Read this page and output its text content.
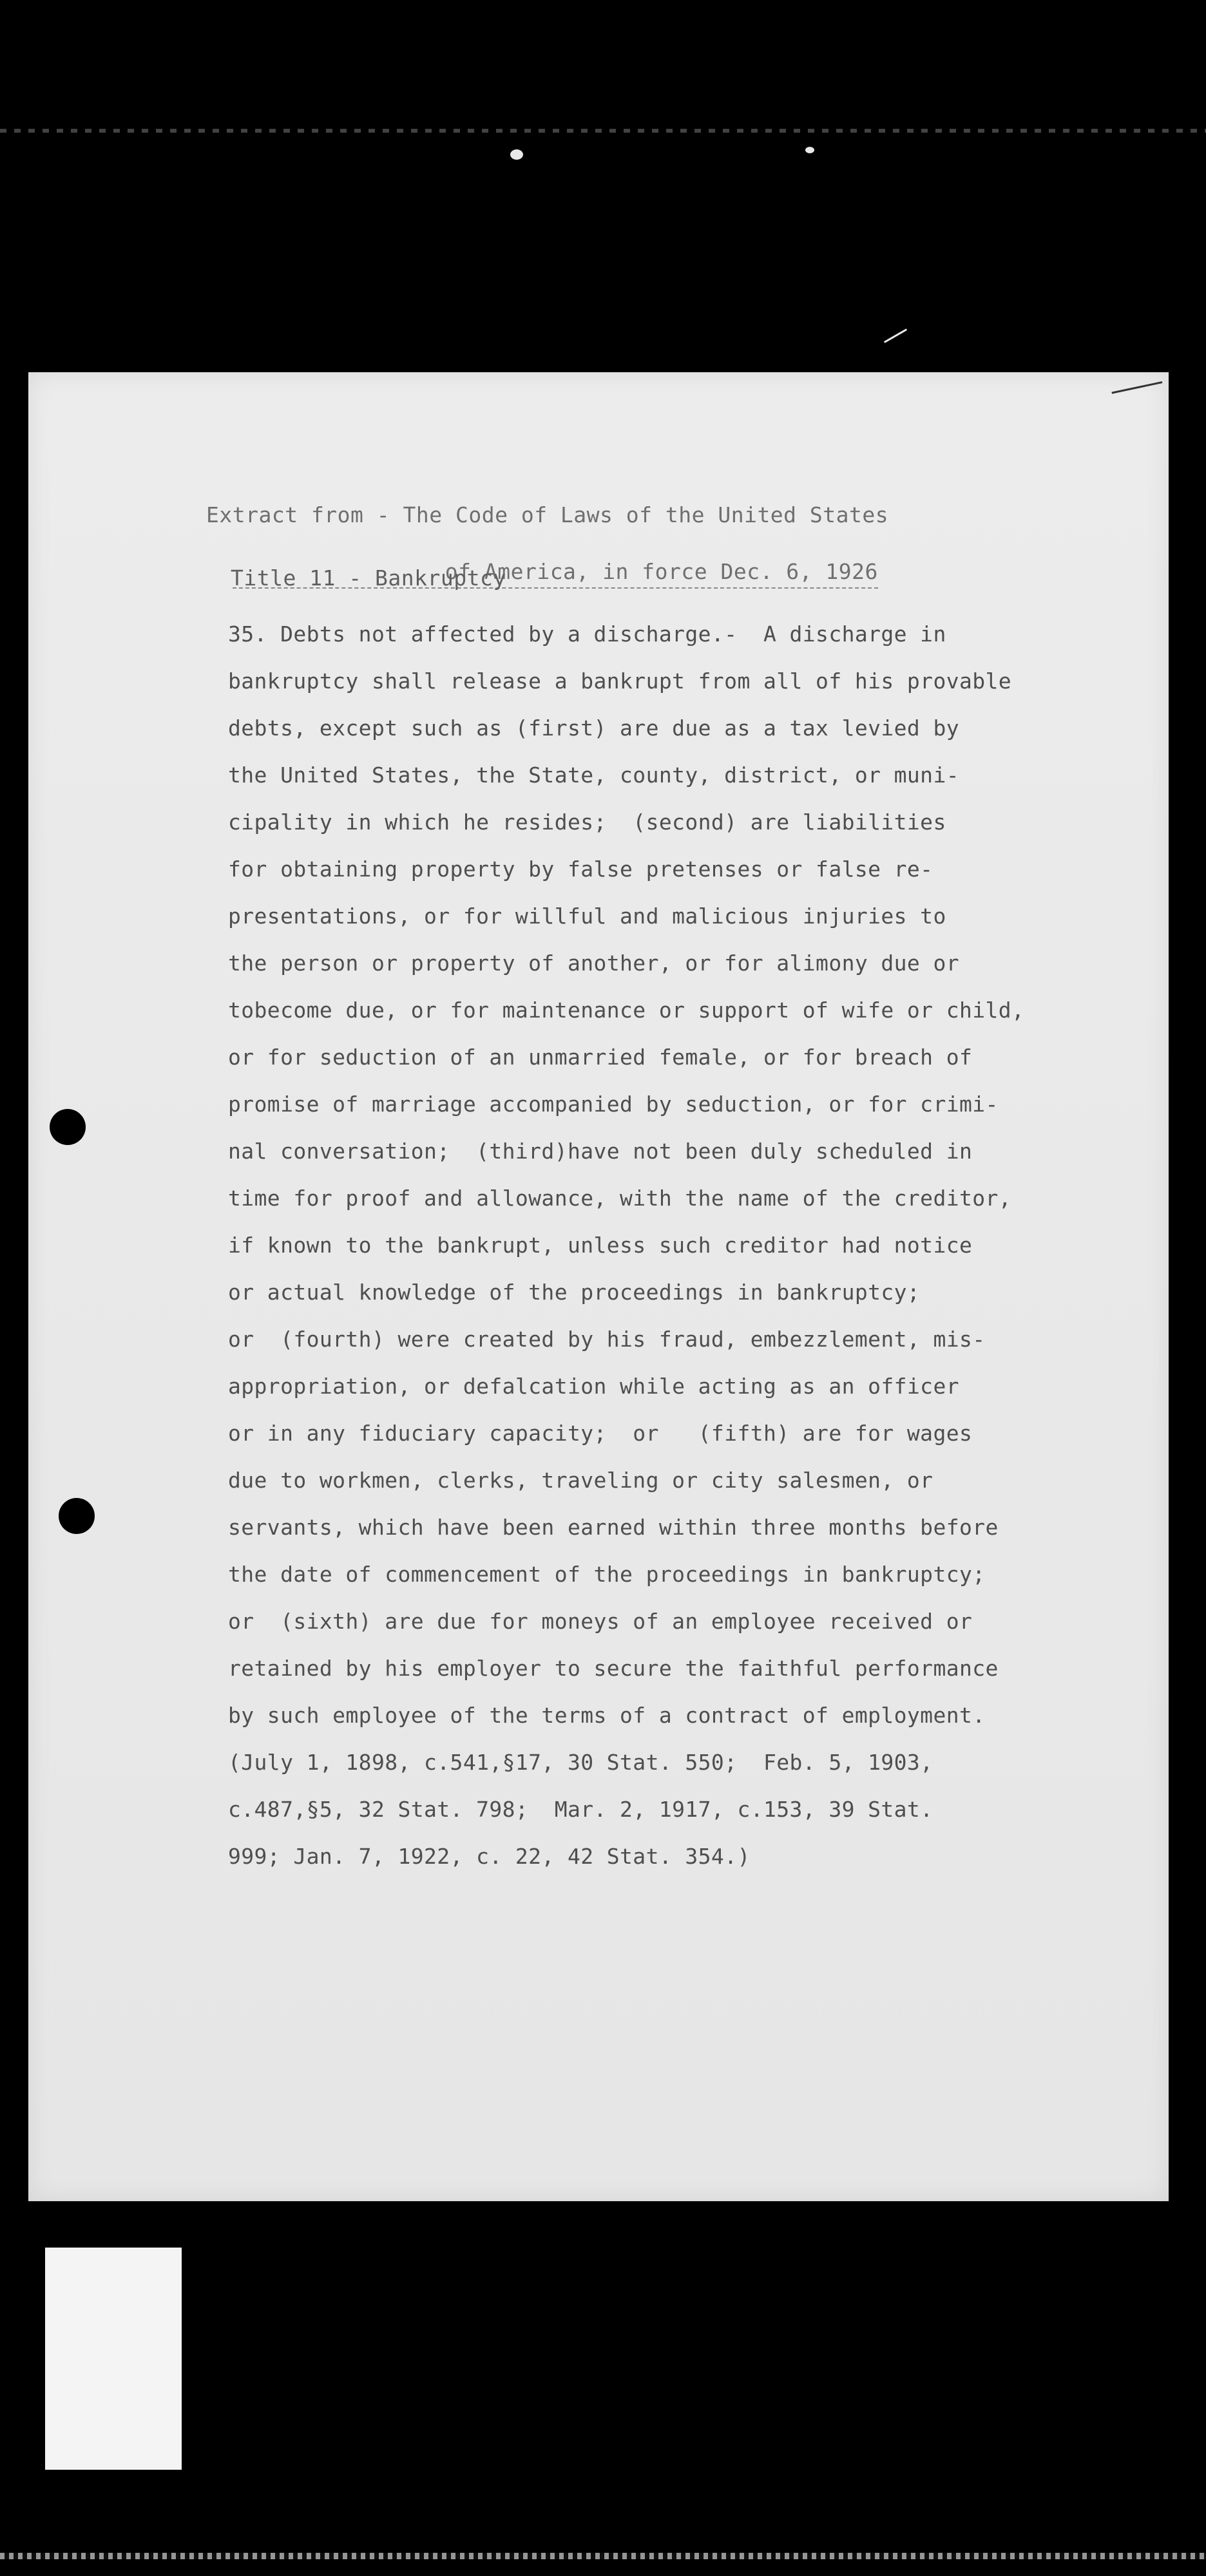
Extract from - The Code of Laws of the United States

of America, in force Dec. 6, 1926

Title 11 - Bankruptcy
35. Debts not affected by a discharge.-  A discharge in
bankruptcy shall release a bankrupt from all of his provable
debts, except such as (first) are due as a tax levied by
the United States, the State, county, district, or muni-
cipality in which he resides;  (second) are liabilities
for obtaining property by false pretenses or false re-
presentations, or for willful and malicious injuries to
the person or property of another, or for alimony due or
tobecome due, or for maintenance or support of wife or child,
or for seduction of an unmarried female, or for breach of
promise of marriage accompanied by seduction, or for crimi-
nal conversation;  (third)have not been duly scheduled in
time for proof and allowance, with the name of the creditor,
if known to the bankrupt, unless such creditor had notice
or actual knowledge of the proceedings in bankruptcy;
or  (fourth) were created by his fraud, embezzlement, mis-
appropriation, or defalcation while acting as an officer
or in any fiduciary capacity;  or   (fifth) are for wages
due to workmen, clerks, traveling or city salesmen, or
servants, which have been earned within three months before
the date of commencement of the proceedings in bankruptcy;
or  (sixth) are due for moneys of an employee received or
retained by his employer to secure the faithful performance
by such employee of the terms of a contract of employment.
(July 1, 1898, c.541,§17, 30 Stat. 550;  Feb. 5, 1903,
c.487,§5, 32 Stat. 798;  Mar. 2, 1917, c.153, 39 Stat.
999; Jan. 7, 1922, c. 22, 42 Stat. 354.)
